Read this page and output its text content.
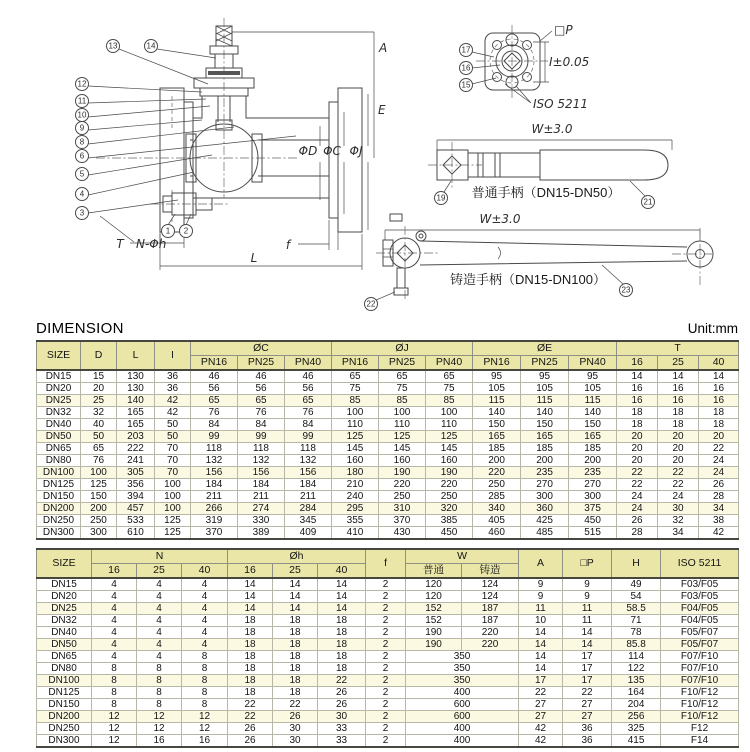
A
E
ΦD ΦC ΦJ
T	f
L
N-Φh
13	14
12
11
10
9
8
6
5
4
3
1 2
□P
I±0.05
ISO 5211
17
16
15
W±3.0
19	21
普通手柄（DN15-DN50）
W±3.0
22
23
铸造手柄（DN15-DN100）
DIMENSION	Unit:mm
SIZE	D	L	I	ØC			ØJ			ØE			T		
				PN16	PN25	PN40	PN16	PN25	PN40	PN16	PN25	PN40	16	25	40
DN15	15	130	36	46	46	46	65	65	65	95	95	95	14	14	14
DN20	20	130	36	56	56	56	75	75	75	105	105	105	16	16	16
DN25	25	140	42	65	65	65	85	85	85	115	115	115	16	16	16
DN32	32	165	42	76	76	76	100	100	100	140	140	140	18	18	18
DN40	40	165	50	84	84	84	110	110	110	150	150	150	18	18	18
DN50	50	203	50	99	99	99	125	125	125	165	165	165	20	20	20
DN65	65	222	70	118	118	118	145	145	145	185	185	185	20	20	22
DN80	76	241	70	132	132	132	160	160	160	200	200	200	20	20	24
DN100	100	305	70	156	156	156	180	190	190	220	235	235	22	22	24
DN125	125	356	100	184	184	184	210	220	220	250	270	270	22	22	26
DN150	150	394	100	211	211	211	240	250	250	285	300	300	24	24	28
DN200	200	457	100	266	274	284	295	310	320	340	360	375	24	30	34
DN250	250	533	125	319	330	345	355	370	385	405	425	450	26	32	38
DN300	300	610	125	370	389	409	410	430	450	460	485	515	28	34	42
SIZE	N			Øh			f	W		A	□P	H	ISO 5211
	16	25	40	16	25	40		普通	铸造				
DN15	4	4	4	14	14	14	2	120	124	9	9	49	F03/F05
DN20	4	4	4	14	14	14	2	120	124	9	9	54	F03/F05
DN25	4	4	4	14	14	14	2	152	187	11	11	58.5	F04/F05
DN32	4	4	4	18	18	18	2	152	187	10	11	71	F04/F05
DN40	4	4	4	18	18	18	2	190	220	14	14	78	F05/F07
DN50	4	4	4	18	18	18	2	190	220	14	14	85.8	F05/F07
DN65	4	4	8	18	18	18	2	350		14	17	114	F07/F10
DN80	8	8	8	18	18	18	2	350		14	17	122	F07/F10
DN100	8	8	8	18	18	22	2	350		17	17	135	F07/F10
DN125	8	8	8	18	18	26	2	400		22	22	164	F10/F12
DN150	8	8	8	22	22	26	2	600		27	27	204	F10/F12
DN200	12	12	12	22	26	30	2	600		27	27	256	F10/F12
DN250	12	12	12	26	30	33	2	400		42	36	325	F12
DN300	12	16	16	26	30	33	2	400		42	36	415	F14
